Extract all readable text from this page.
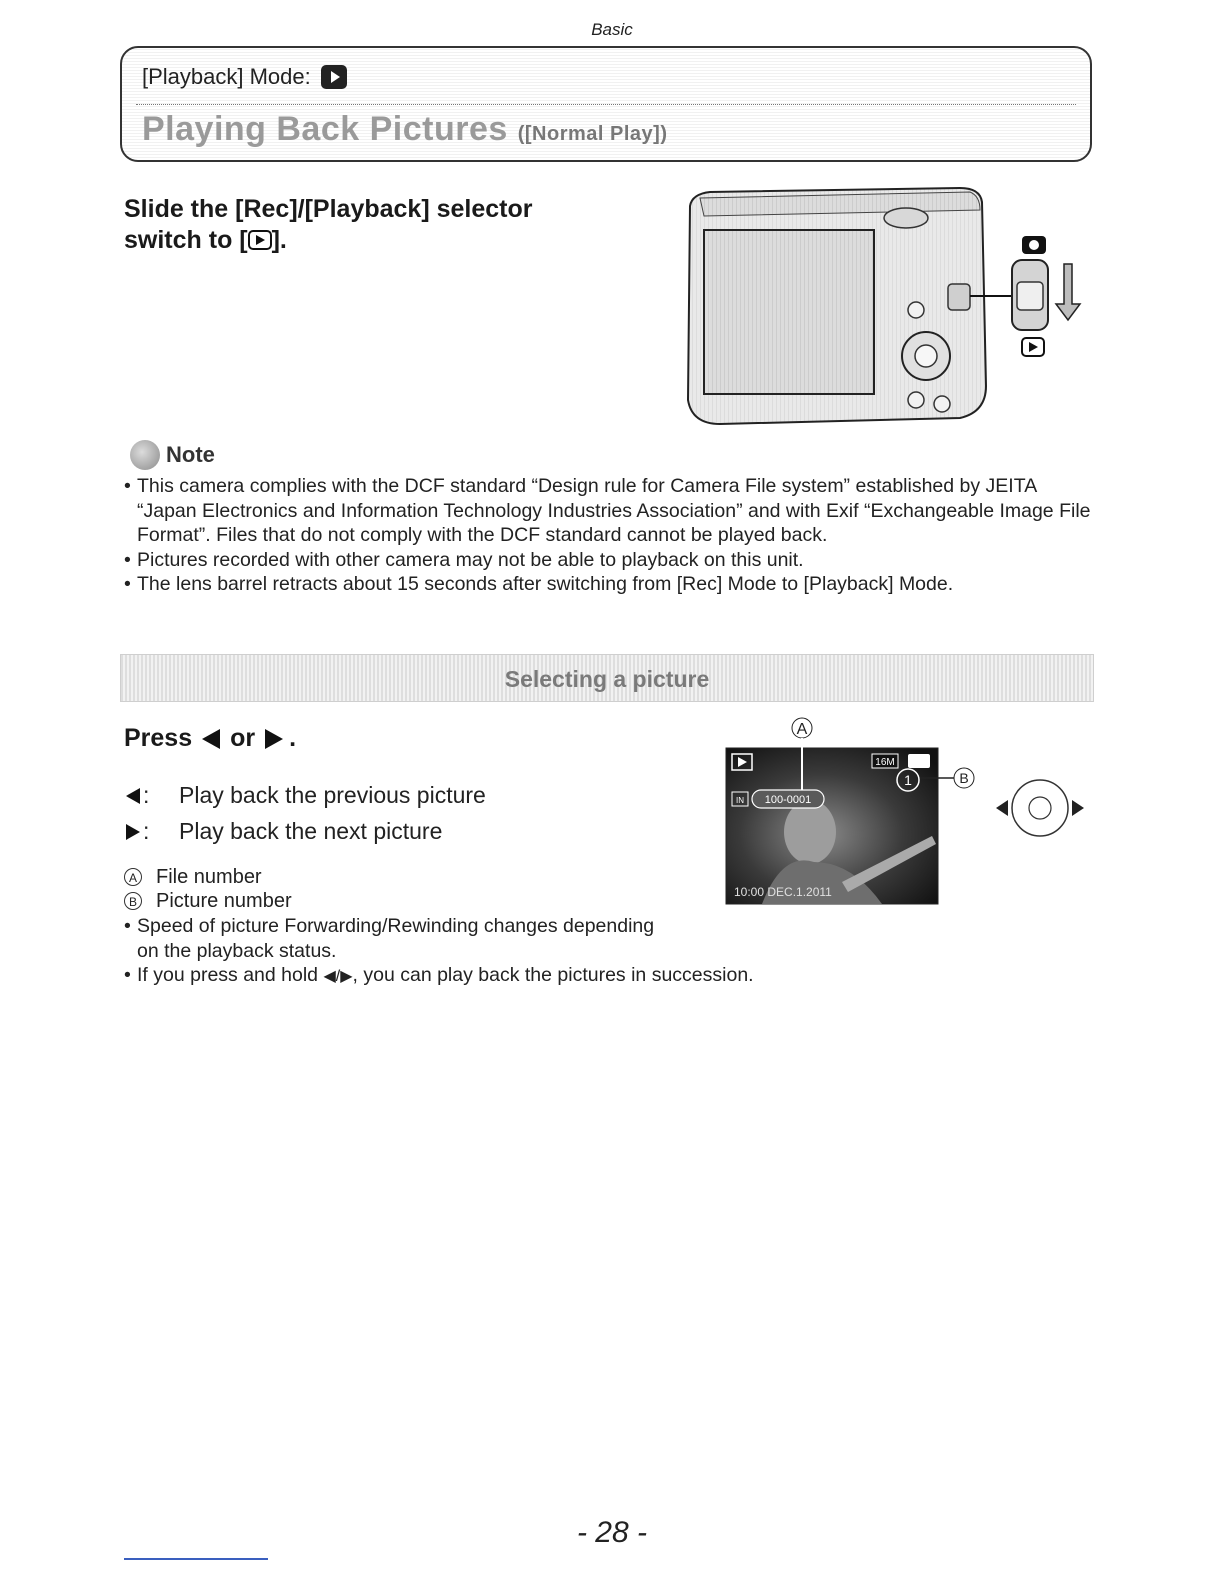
Basic
[Playback] Mode:
Playing Back Pictures ([Normal Play])
Slide the [Rec]/[Playback] selector
switch to [ ].
Note
• This camera complies with the DCF standard “Design rule for Camera File system” established by JEITA “Japan Electronics and Information Technology Industries Association” and with Exif “Exchangeable Image File Format”. Files that do not comply with the DCF standard cannot be played back.
• Pictures recorded with other camera may not be able to playback on this unit.
• The lens barrel retracts about 15 seconds after switching from [Rec] Mode to [Playback] Mode.
Selecting a picture
Press or .
:	Play back the previous picture
:	Play back the next picture
A File number
B Picture number
• Speed of picture Forwarding/Rewinding changes depending on the playback status.
• If you press and hold ◀/▶, you can play back the pictures in succession.
A
16M
1	B
IN 100-0001
10:00 DEC.1.2011
- 28 -
